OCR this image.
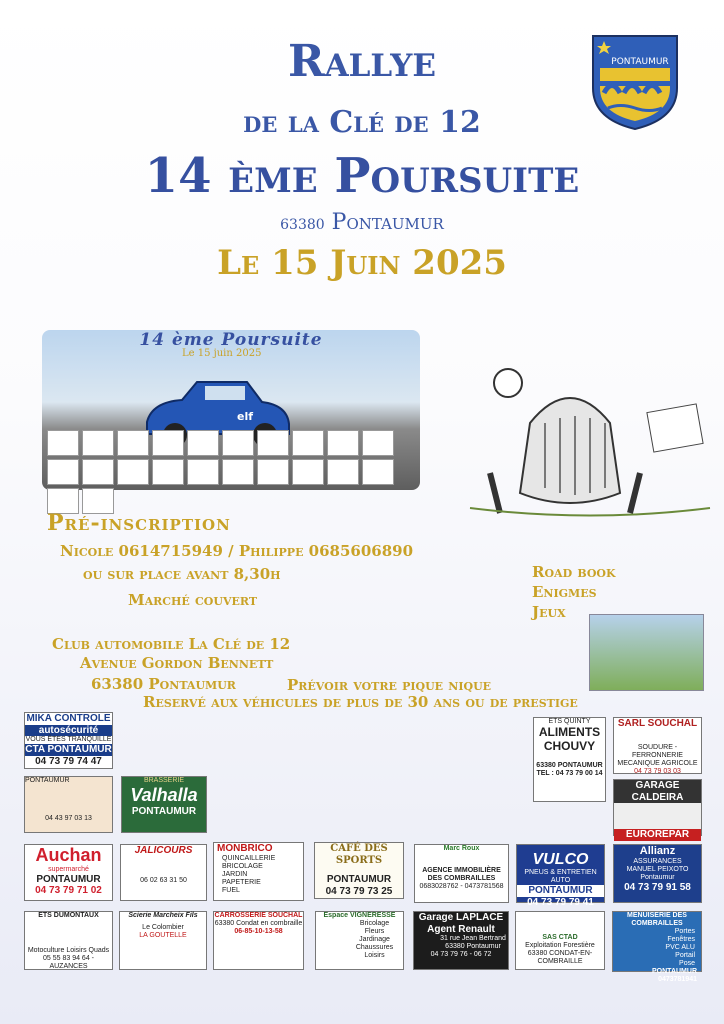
Rallye
de la Clé de 12
14 ème Poursuite
63380 Pontaumur
Le 15 Juin 2025
PONTAUMUR
14 ème Poursuite
Le 15 juin 2025
elf
Pré-inscription
Nicole 0614715949 / Philippe 0685606890
ou sur place avant 8,30h
Marché couvert
Road book
Enigmes
Jeux
Club automobile La Clé de 12
Avenue Gordon Bennett
63380 Pontaumur	Prévoir votre pique nique
Reservé aux véhicules de plus de 30 ans ou de prestige
MIKA CONTROLE
autosécurité
VOUS ÊTES TRANQUILLE
CTA PONTAUMUR
04 73 79 74 47
ETS QUINTY
ALIMENTS CHOUVY
63380 PONTAUMUR
TEL : 04 73 79 00 14
SARL SOUCHAL
SOUDURE - FERRONNERIE MECANIQUE AGRICOLE
04 73 79 03 03
PONTAUMUR
04 43 97 03 13
BRASSERIE
Valhalla
PONTAUMUR
GARAGE CALDEIRA
EUROREPAR
Auchan
supermarché
PONTAUMUR
04 73 79 71 02
JALICOURS
06 02 63 31 50
MONBRICO
QUINCAILLERIE
BRICOLAGE
JARDIN
PAPETERIE
FUEL
CAFÉ DES SPORTS
PONTAUMUR
04 73 79 73 25
Marc Roux
AGENCE IMMOBILIÈRE DES COMBRAILLES
0683028762 - 0473781568
VULCO
PNEUS & ENTRETIEN AUTO
PONTAUMUR
04 73 79 79 41
Allianz
ASSURANCES
MANUEL PEIXOTO
Pontaumur
04 73 79 91 58
ETS DUMONTAUX
Motoculture Loisirs Quads
05 55 83 94 64 - AUZANCES
Scierie Marcheix Fils
Le Colombier
LA GOUTELLE
CARROSSERIE SOUCHAL
63380 Condat en combraille
06-85-10-13-58
Espace VIGNERESSE
Bricolage
Fleurs
Jardinage
Chaussures
Loisirs
Garage LAPLACE
Agent Renault
31 rue Jean Bertrand 63380 Pontaumur
04 73 79 76 - 06 72
SAS CTAD
Exploitation Forestière
63380 CONDAT-EN-COMBRAILLE
MENUISERIE DES COMBRAILLES
Portes
Fenêtres
PVC ALU
Portail
Pose
PONTAUMUR 0473781941
